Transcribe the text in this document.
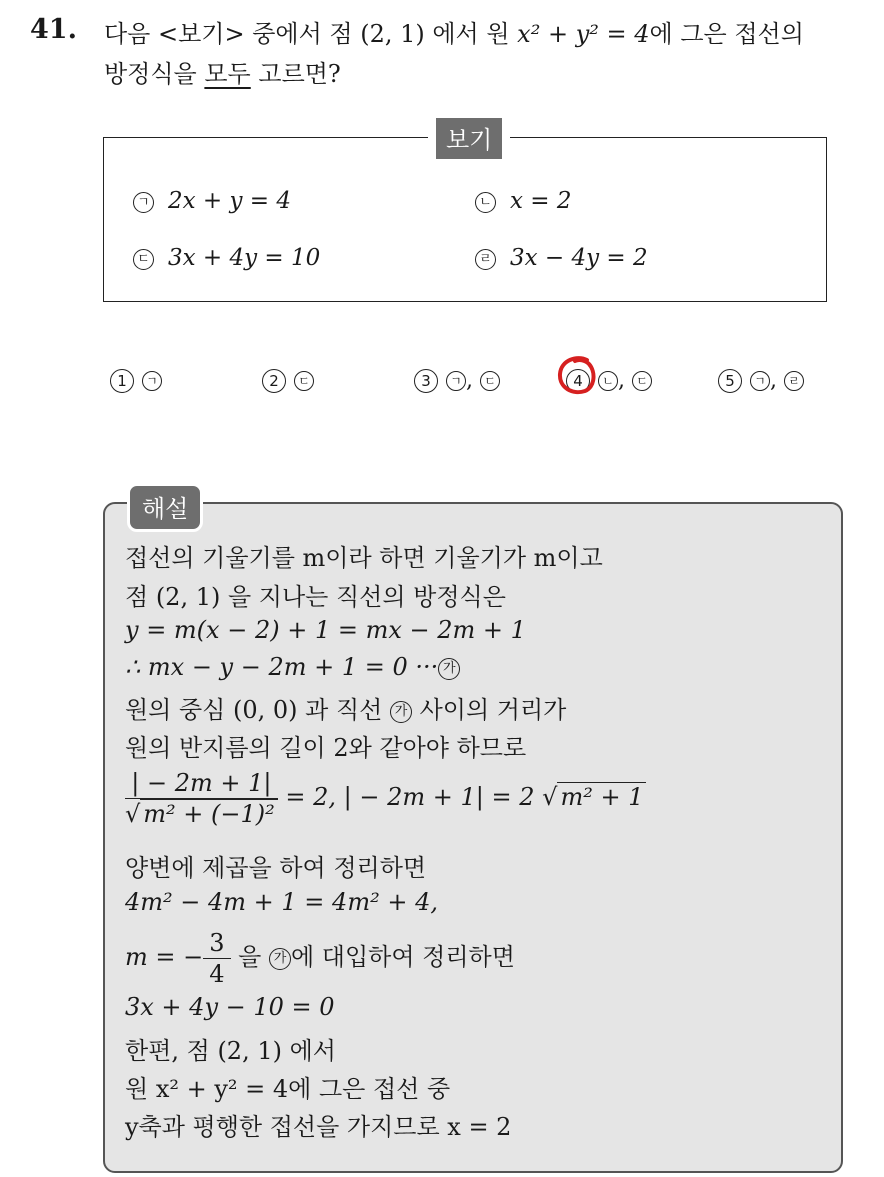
41. 다음 <보기> 중에서 점 (2, 1) 에서 원 x² + y² = 4에 그은 접선의
방정식을 모두 고르면?
보기
ㄱ 2x + y = 4	ㄴ x = 2
ㄷ 3x + 4y = 10	ㄹ 3x − 4y = 2
1 ㄱ	2 ㄷ	3 ㄱ , ㄷ	4 ㄴ , ㄷ	5 ㄱ , ㄹ
해설
접선의 기울기를 m이라 하면 기울기가 m이고
점 (2, 1) 을 지나는 직선의 방정식은
y = m(x − 2) + 1 = mx − 2m + 1
∴ mx − y − 2m + 1 = 0 ··· 가
원의 중심 (0, 0) 과 직선 가 사이의 거리가
원의 반지름의 길이 2와 같아야 하므로
$\frac{| - 2m + 1|}{\text{√ m² + (−1)²}} = 2$, | − 2m + 1| = 2 √ m² + 1
양변에 제곱을 하여 정리하면
4m² − 4m + 1 = 4m² + 4,
m = − $\frac{3}{4}$ 을 가 에 대입하여 정리하면
3x + 4y − 10 = 0
한편, 점 (2, 1) 에서
원 x² + y² = 4에 그은 접선 중
y축과 평행한 접선을 가지므로 x = 2
